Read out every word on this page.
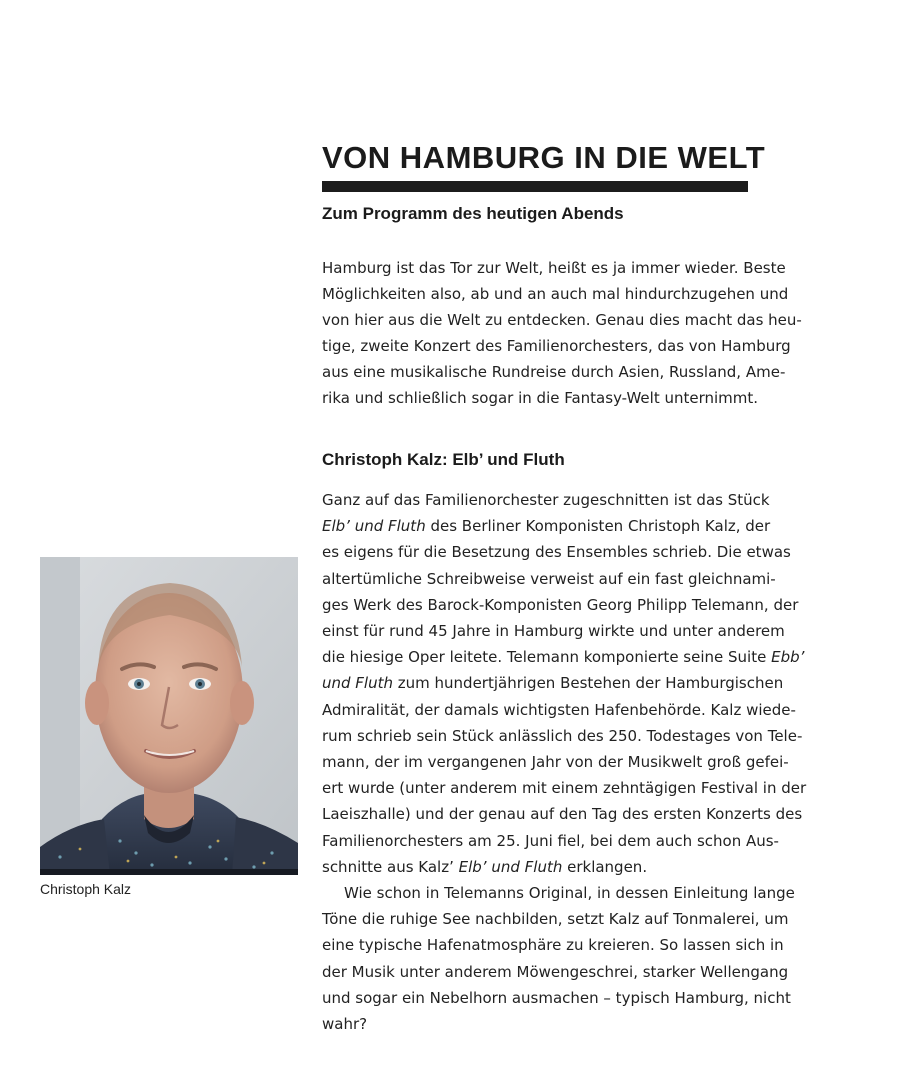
VON HAMBURG IN DIE WELT
Zum Programm des heutigen Abends

Hamburg ist das Tor zur Welt, heißt es ja immer wieder. Beste
Möglichkeiten also, ab und an auch mal hindurchzugehen und
von hier aus die Welt zu entdecken. Genau dies macht das heu-
tige, zweite Konzert des Familienorchesters, das von Hamburg
aus eine musikalische Rundreise durch Asien, Russland, Ame-
rika und schließlich sogar in die Fantasy-Welt unternimmt.

Christoph Kalz: Elb’ und Fluth
Ganz auf das Familienorchester zugeschnitten ist das Stück
Elb’ und Fluth des Berliner Komponisten Christoph Kalz, der
es eigens für die Besetzung des Ensembles schrieb. Die etwas
altertümliche Schreibweise verweist auf ein fast gleichnami-
ges Werk des Barock-Komponisten Georg Philipp Telemann, der
einst für rund 45 Jahre in Hamburg wirkte und unter anderem
die hiesige Oper leitete. Telemann komponierte seine Suite Ebb’
und Fluth zum hundertjährigen Bestehen der Hamburgischen
Admiralität, der damals wichtigsten Hafenbehörde. Kalz wiede-
rum schrieb sein Stück anlässlich des 250. Todestages von Tele-
mann, der im vergangenen Jahr von der Musikwelt groß gefei-
ert wurde (unter anderem mit einem zehntägigen Festival in der
Laeiszhalle) und der genau auf den Tag des ersten Konzerts des
Familienorchesters am 25. Juni fiel, bei dem auch schon Aus-
schnitte aus Kalz’ Elb’ und Fluth erklangen.
Wie schon in Telemanns Original, in dessen Einleitung lange
Töne die ruhige See nachbilden, setzt Kalz auf Tonmalerei, um
eine typische Hafenatmosphäre zu kreieren. So lassen sich in
der Musik unter anderem Möwengeschrei, starker Wellengang
und sogar ein Nebelhorn ausmachen – typisch Hamburg, nicht
wahr?

Christoph Kalz
